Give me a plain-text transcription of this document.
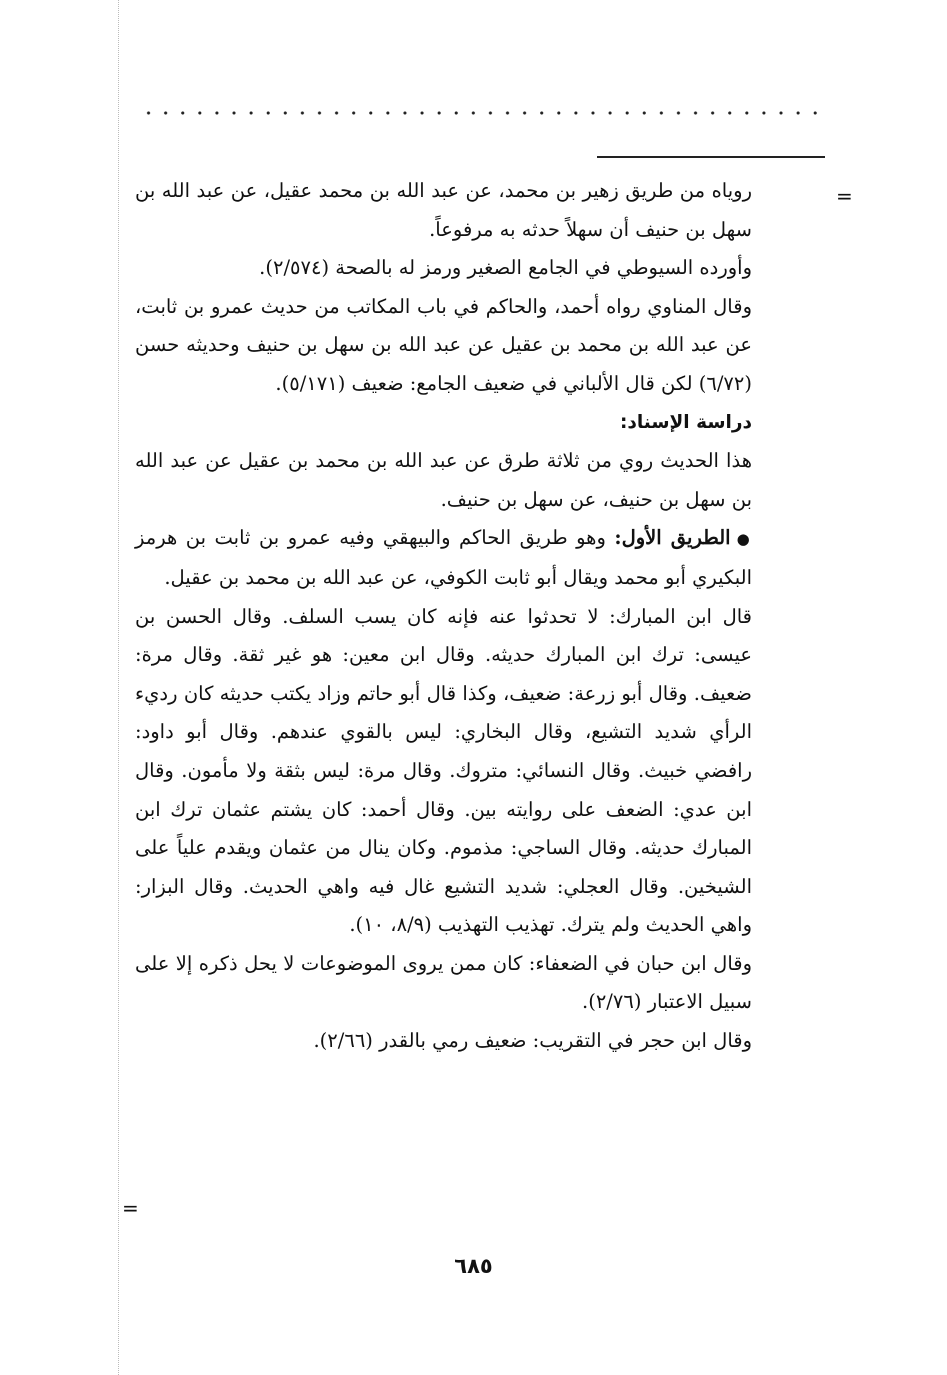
=

روياه من طريق زهير بن محمد، عن عبد الله بن محمد عقيل، عن عبد الله بن سهل بن حنيف أن سهلاً حدثه به مرفوعاً.

وأورده السيوطي في الجامع الصغير ورمز له بالصحة (٢/٥٧٤).

وقال المناوي رواه أحمد، والحاكم في باب المكاتب من حديث عمرو بن ثابت، عن عبد الله بن محمد بن عقيل عن عبد الله بن سهل بن حنيف وحديثه حسن (٦/٧٢) لكن قال الألباني في ضعيف الجامع: ضعيف (٥/١٧١).

دراسة الإسناد:

هذا الحديث روي من ثلاثة طرق عن عبد الله بن محمد بن عقيل عن عبد الله بن سهل بن حنيف، عن سهل بن حنيف.

●الطريق الأول: وهو طريق الحاكم والبيهقي وفيه عمرو بن ثابت بن هرمز البكيري أبو محمد ويقال أبو ثابت الكوفي، عن عبد الله بن محمد بن عقيل.

قال ابن المبارك: لا تحدثوا عنه فإنه كان يسب السلف. وقال الحسن بن عيسى: ترك ابن المبارك حديثه. وقال ابن معين: هو غير ثقة. وقال مرة: ضعيف. وقال أبو زرعة: ضعيف، وكذا قال أبو حاتم وزاد يكتب حديثه كان رديء الرأي شديد التشيع، وقال البخاري: ليس بالقوي عندهم. وقال أبو داود: رافضي خبيث. وقال النسائي: متروك. وقال مرة: ليس بثقة ولا مأمون. وقال ابن عدي: الضعف على روايته بين. وقال أحمد: كان يشتم عثمان ترك ابن المبارك حديثه. وقال الساجي: مذموم. وكان ينال من عثمان ويقدم علياً على الشيخين. وقال العجلي: شديد التشيع غال فيه واهي الحديث. وقال البزار: واهي الحديث ولم يترك. تهذيب التهذيب (٨/٩، ١٠).

وقال ابن حبان في الضعفاء: كان ممن يروى الموضوعات لا يحل ذكره إلا على سبيل الاعتبار (٢/٧٦).

وقال ابن حجر في التقريب: ضعيف رمي بالقدر (٢/٦٦).

=
٦٨٥
